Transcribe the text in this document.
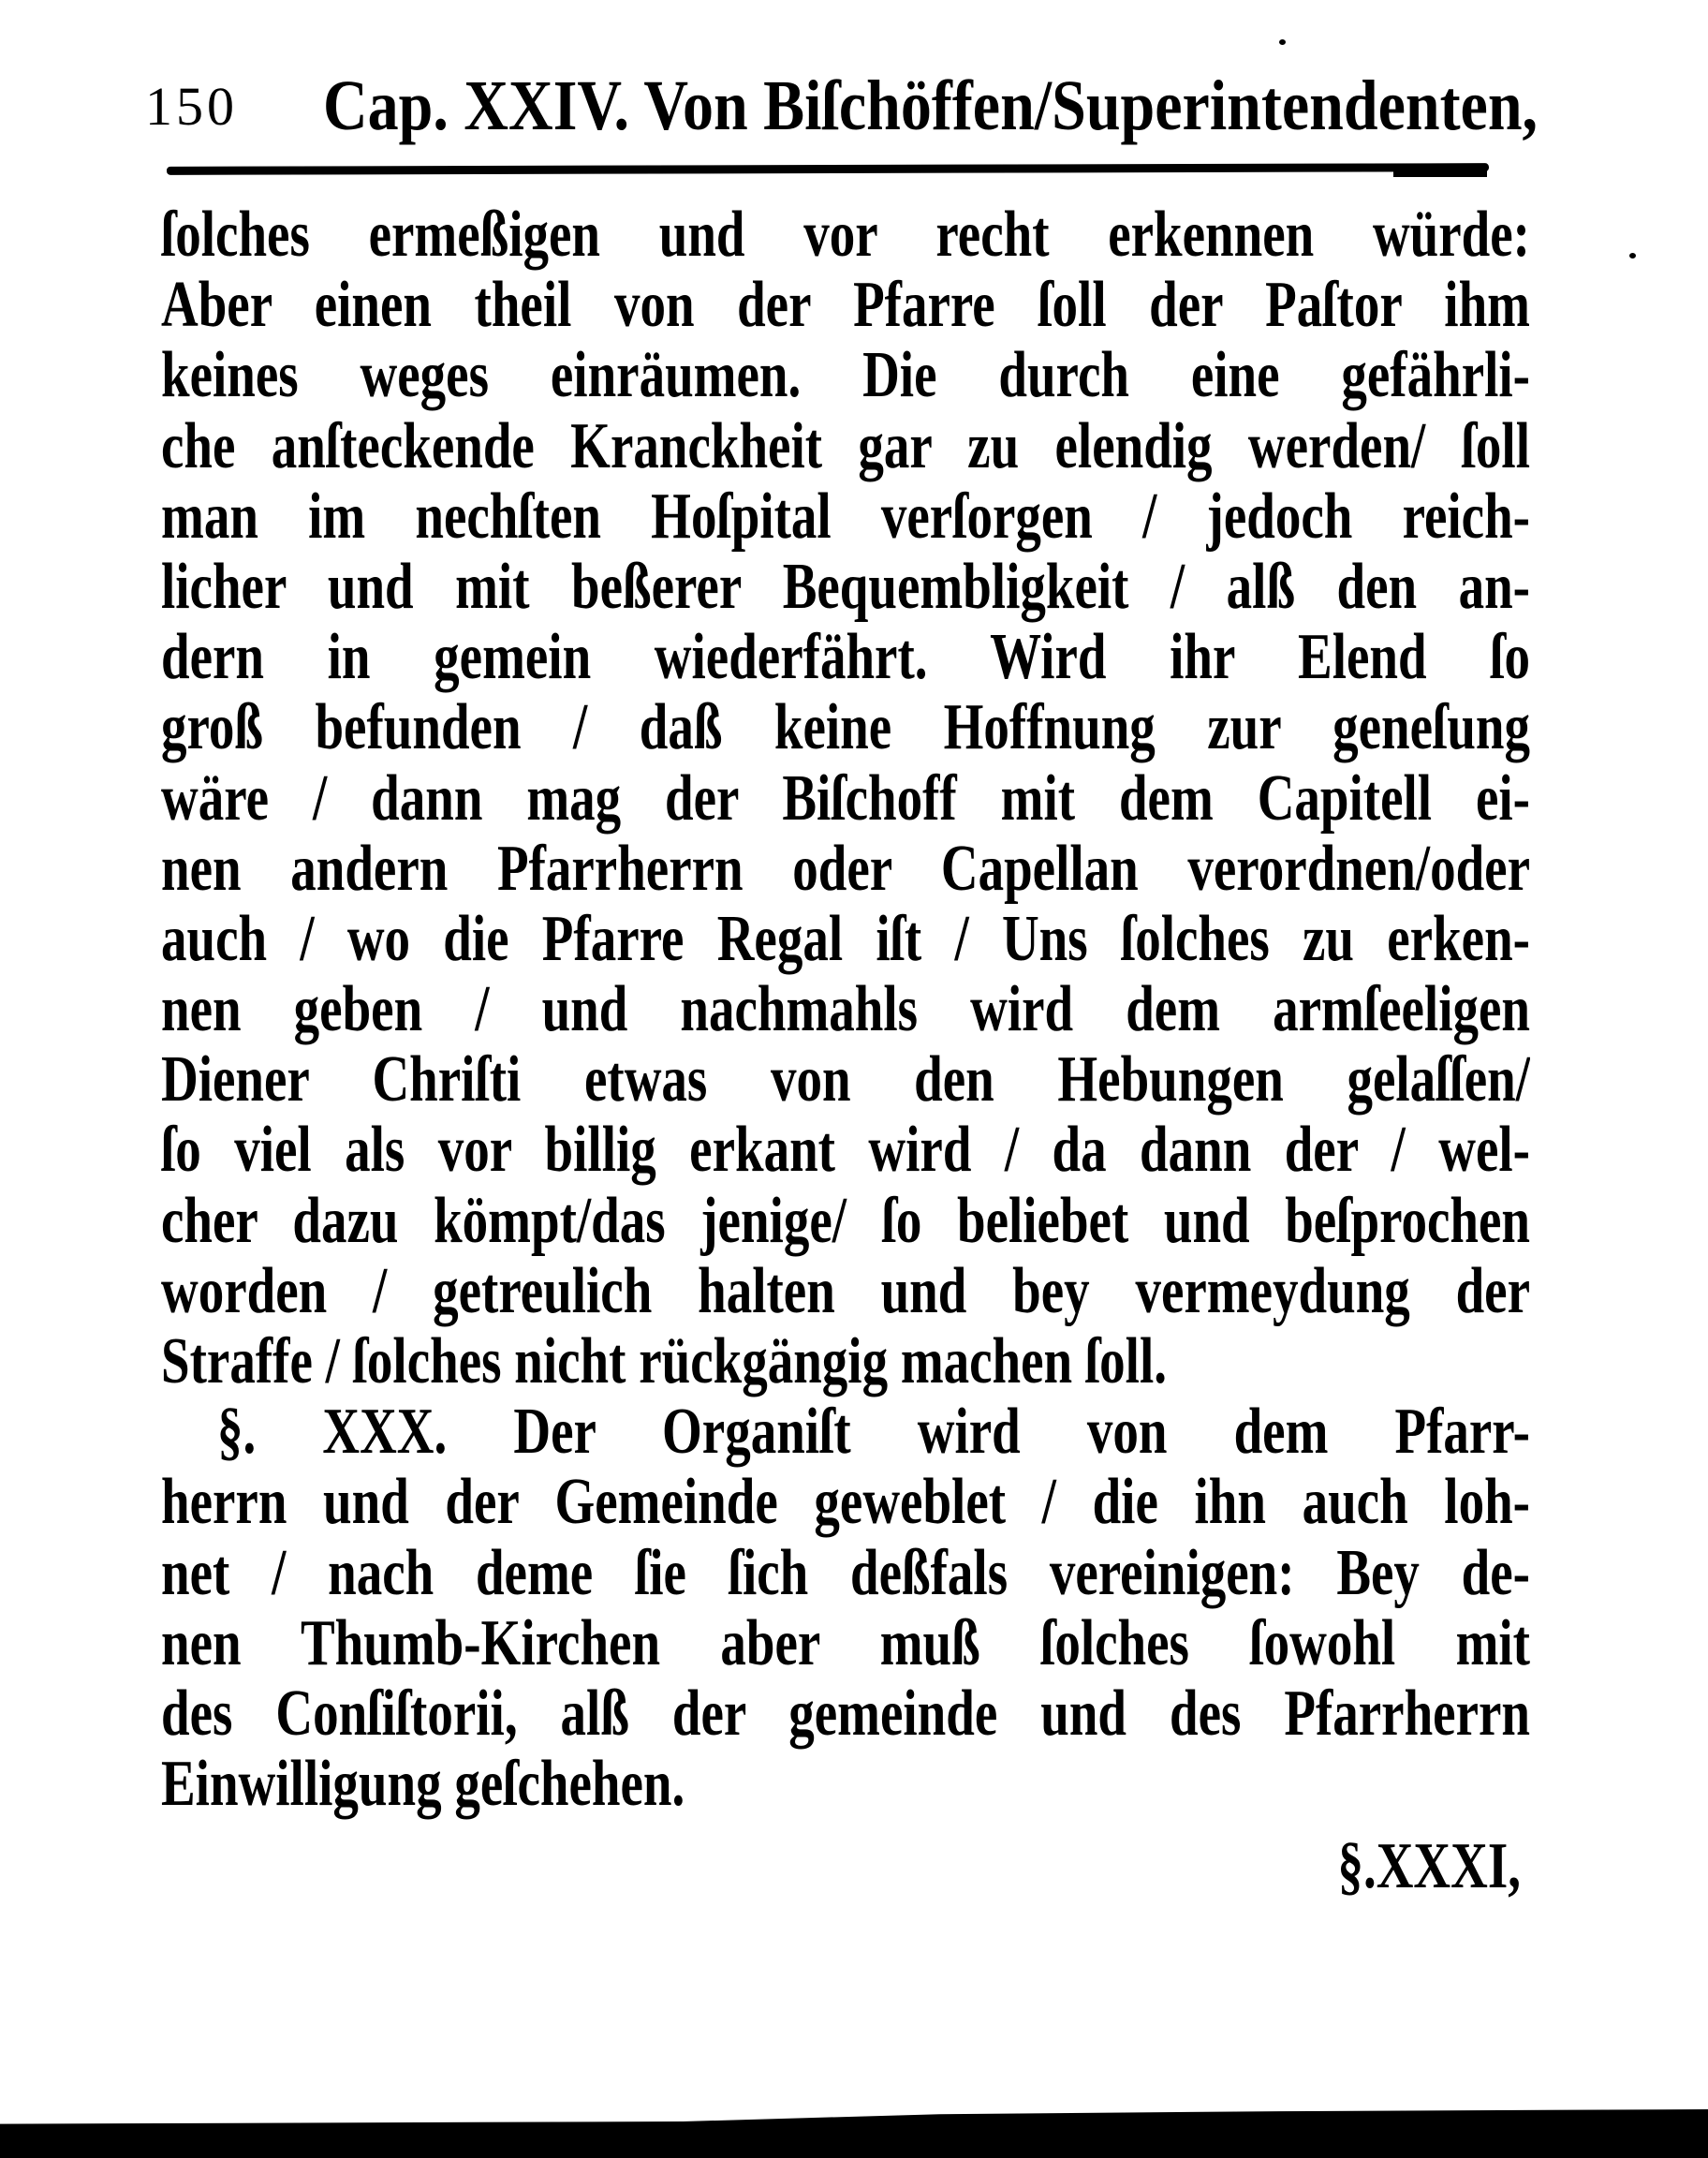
150 Cap. XXIV. Von Biſchöffen/Superintendenten,
ſolches ermeßigen und vor recht erkennen würde:
Aber einen theil von der Pfarre ſoll der Paſtor ihm
keines weges einräumen. Die durch eine gefährli-
che anſteckende Kranckheit gar zu elendig werden/ ſoll
man im nechſten Hoſpital verſorgen / jedoch reich-
licher und mit beßerer Bequembligkeit / alß den an-
dern in gemein wiederfährt. Wird ihr Elend ſo
groß befunden / daß keine Hoffnung zur geneſung
wäre / dann mag der Biſchoff mit dem Capitell ei-
nen andern Pfarrherrn oder Capellan verordnen/oder
auch / wo die Pfarre Regal iſt / Uns ſolches zu erken-
nen geben / und nachmahls wird dem armſeeligen
Diener Chriſti etwas von den Hebungen gelaſſen/
ſo viel als vor billig erkant wird / da dann der / wel-
cher dazu kömpt/das jenige/ ſo beliebet und beſprochen
worden / getreulich halten und bey vermeydung der
Straffe / ſolches nicht rückgängig machen ſoll.
§. XXX. Der Organiſt wird von dem Pfarr-
herrn und der Gemeinde geweblet / die ihn auch loh-
net / nach deme ſie ſich deßfals vereinigen: Bey de-
nen Thumb-Kirchen aber muß ſolches ſowohl mit
des Conſiſtorii, alß der gemeinde und des Pfarrherrn
Einwilligung geſchehen.
§.XXXI,
